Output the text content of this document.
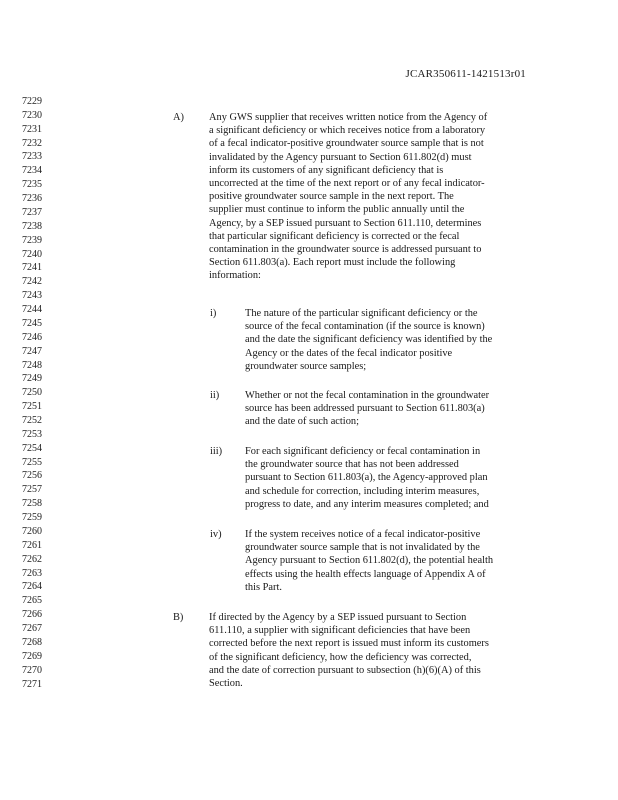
JCAR350611-1421513r01
7229
7230
7231
7232
7233
7234
7235
7236
7237
7238
7239
7240
7241
7242
7243
7244
7245
7246
7247
7248
7249
7250
7251
7252
7253
7254
7255
7256
7257
7258
7259
7260
7261
7262
7263
7264
7265
7266
7267
7268
7269
7270
7271
A) Any GWS supplier that receives written notice from the Agency of
a significant deficiency or which receives notice from a laboratory
of a fecal indicator-positive groundwater source sample that is not
invalidated by the Agency pursuant to Section 611.802(d) must
inform its customers of any significant deficiency that is
uncorrected at the time of the next report or of any fecal indicator-
positive groundwater source sample in the next report. The
supplier must continue to inform the public annually until the
Agency, by a SEP issued pursuant to Section 611.110, determines
that particular significant deficiency is corrected or the fecal
contamination in the groundwater source is addressed pursuant to
Section 611.803(a). Each report must include the following
information:
i)	The nature of the particular significant deficiency or the
source of the fecal contamination (if the source is known)
and the date the significant deficiency was identified by the
Agency or the dates of the fecal indicator positive
groundwater source samples;
ii) Whether or not the fecal contamination in the groundwater
source has been addressed pursuant to Section 611.803(a)
and the date of such action;
iii) For each significant deficiency or fecal contamination in
the groundwater source that has not been addressed
pursuant to Section 611.803(a), the Agency-approved plan
and schedule for correction, including interim measures,
progress to date, and any interim measures completed; and
iv) If the system receives notice of a fecal indicator-positive
groundwater source sample that is not invalidated by the
Agency pursuant to Section 611.802(d), the potential health
effects using the health effects language of Appendix A of
this Part.
B) If directed by the Agency by a SEP issued pursuant to Section
611.110, a supplier with significant deficiencies that have been
corrected before the next report is issued must inform its customers
of the significant deficiency, how the deficiency was corrected,
and the date of correction pursuant to subsection (h)(6)(A) of this
Section.
